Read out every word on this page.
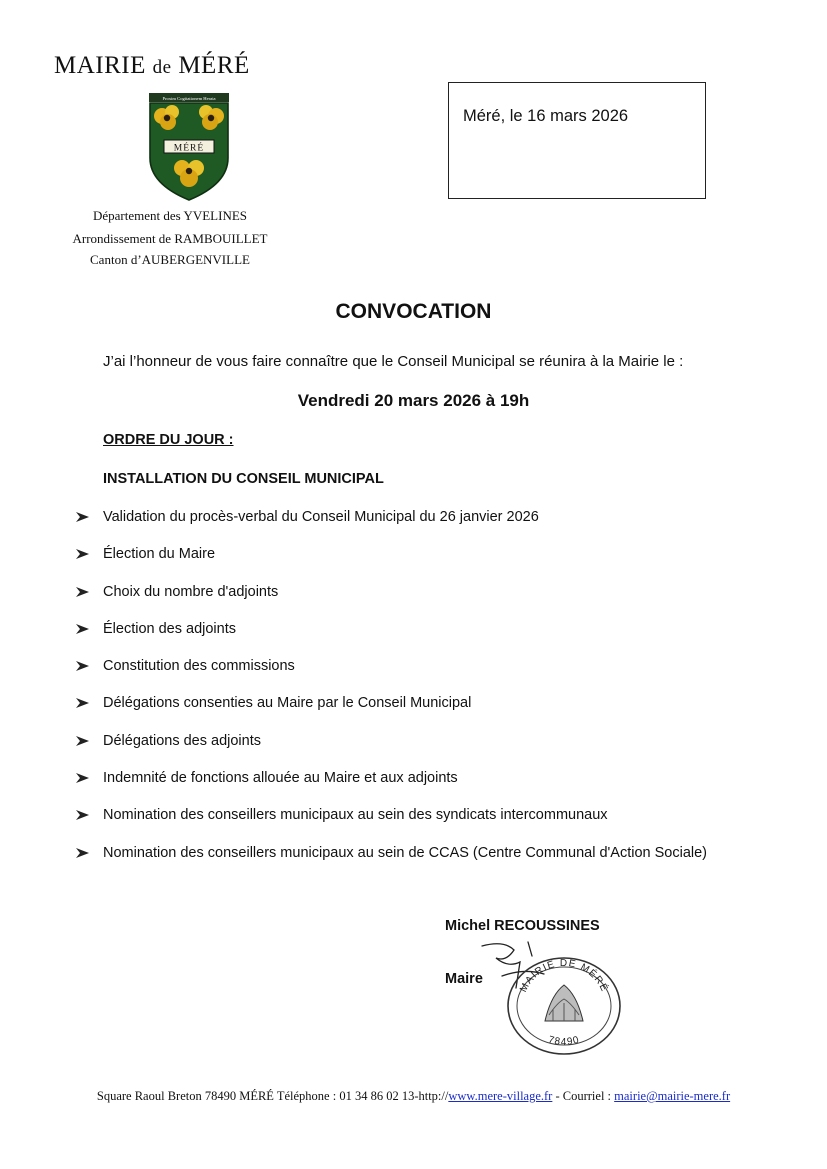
MAIRIE de MÉRÉ
Proxim Cogitationem Heraia
MÉRÉ
Département des YVELINES
Arrondissement de RAMBOUILLET
Canton d’AUBERGENVILLE
Méré, le 16 mars 2026
CONVOCATION
J’ai l’honneur de vous faire connaître que le Conseil Municipal se réunira à la Mairie le :
Vendredi 20 mars 2026 à 19h
ORDRE DU JOUR :
INSTALLATION DU CONSEIL MUNICIPAL
Validation du procès-verbal du Conseil Municipal du 26 janvier 2026
Élection du Maire
Choix du nombre d'adjoints
Élection des adjoints
Constitution des commissions
Délégations consenties au Maire par le Conseil Municipal
Délégations des adjoints
Indemnité de fonctions allouée au Maire et aux adjoints
Nomination des conseillers municipaux au sein des syndicats intercommunaux
Nomination des conseillers municipaux au sein de CCAS (Centre Communal d'Action Sociale)
Michel RECOUSSINES
Maire
MAIRIE DE MÉRÉ
78490
Square Raoul Breton 78490 MÉRÉ Téléphone : 01 34 86 02 13-http://www.mere-village.fr - Courriel : mairie@mairie-mere.fr
